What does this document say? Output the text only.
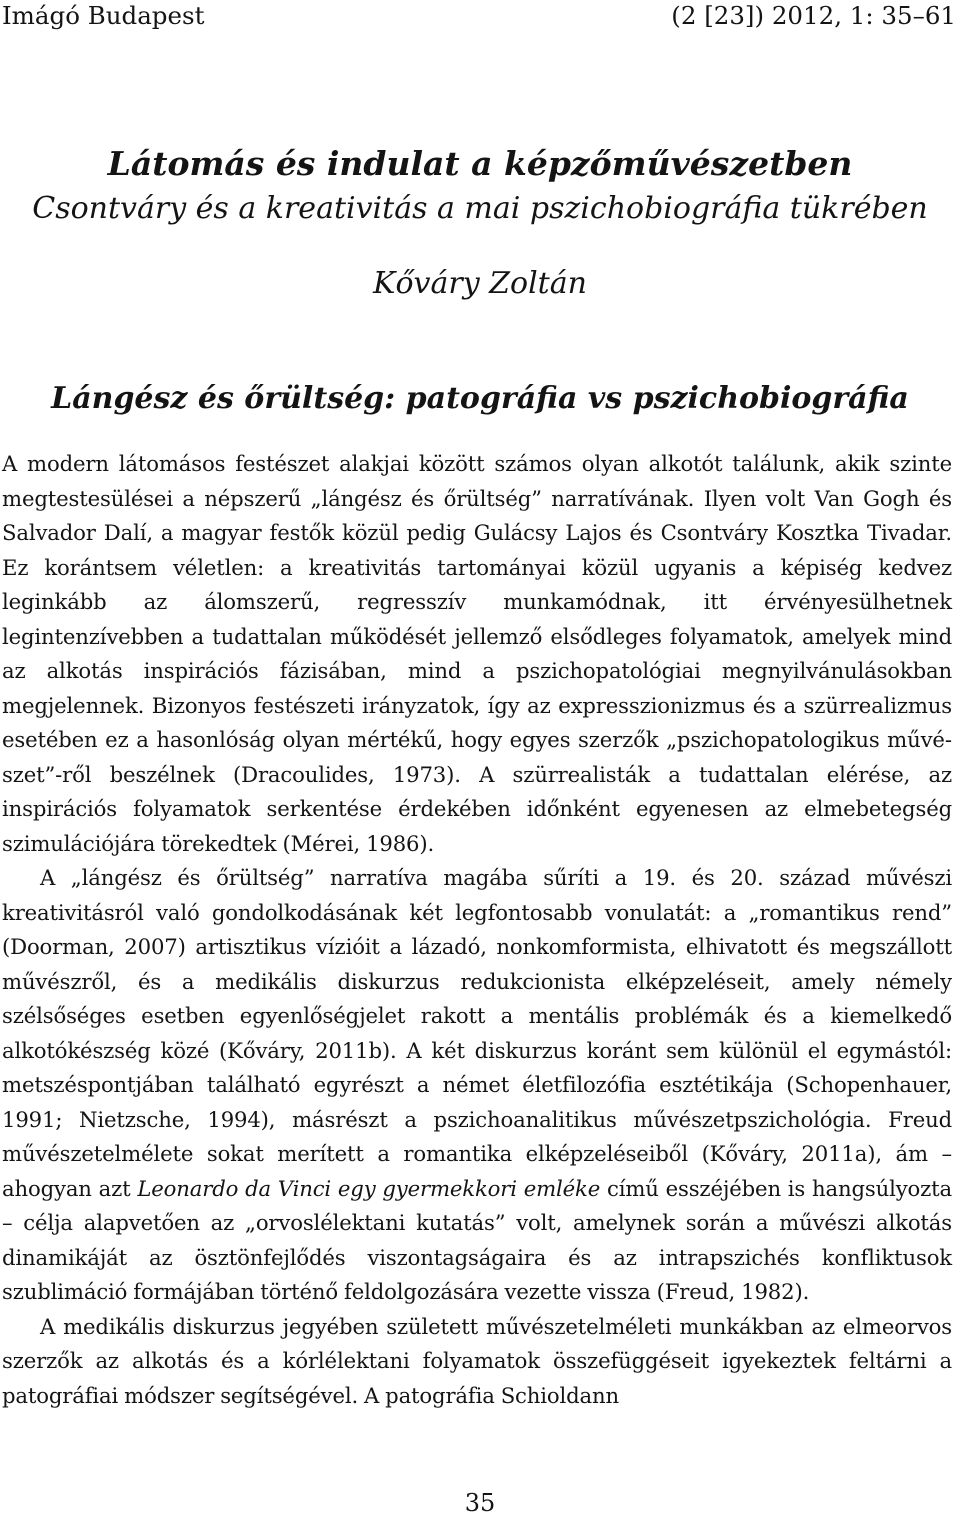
Imágó Budapest	(2 [23]) 2012, 1: 35–61
Látomás és indulat a képzőművészetben
Csontváry és a kreativitás a mai pszichobiográfia tükrében
Kőváry Zoltán
Lángész és őrültség: patográfia vs pszichobiográfia

A modern látomásos festészet alakjai között számos olyan alkotót találunk, akik szinte megtestesülései a népszerű „lángész és őrültség” narratívának. Ilyen volt Van Gogh és Salvador Dalí, a magyar festők közül pedig Gulácsy Lajos és Csontváry Kosztka Tivadar. Ez korántsem véletlen: a kreativitás tartományai közül ugyanis a képiség kedvez leginkább az álomszerű, regresszív munkamódnak, itt érvényesülhetnek legintenzívebben a tudattalan működését jellemző elsődleges folyamatok, amelyek mind az alkotás inspirációs fázisában, mind a pszichopatológiai megnyilvánulásokban megjelennek. Bizonyos festészeti irányzatok, így az expresszionizmus és a szürrealizmus esetében ez a hasonlóság olyan mértékű, hogy egyes szerzők „pszichopatologikus művészet”-ről beszélnek (Dracoulides, 1973). A szürrealisták a tudattalan elérése, az inspirációs folyamatok serkentése érdekében időnként egyenesen az elmebetegség szimulációjára törekedtek (Mérei, 1986).

A „lángész és őrültség” narratíva magába sűríti a 19. és 20. század művészi kreativitásról való gondolkodásának két legfontosabb vonulatát: a „romantikus rend” (Doorman, 2007) artisztikus vízióit a lázadó, nonkomformista, elhivatott és megszállott művészről, és a medikális diskurzus redukcionista elképzeléseit, amely némely szélsőséges esetben egyenlőségjelet rakott a mentális problémák és a kiemelkedő alkotókészség közé (Kőváry, 2011b). A két diskurzus koránt sem különül el egymástól: metszéspontjában található egyrészt a német életfilozófia esztétikája (Schopenhauer, 1991; Nietzsche, 1994), másrészt a pszichoanalitikus művészetpszichológia. Freud művészetelmélete sokat merített a romantika elképzeléseiből (Kőváry, 2011a), ám – ahogyan azt Leonardo da Vinci egy gyermekkori emléke című esszéjében is hangsúlyozta – célja alapvetően az „orvoslélektani kutatás” volt, amelynek során a művészi alkotás dinamikáját az ösztönfejlődés viszontagságaira és az intrapszichés konfliktusok szublimáció formájában történő feldolgozására vezette vissza (Freud, 1982).

A medikális diskurzus jegyében született művészetelméleti munkákban az elmeorvos szerzők az alkotás és a kórlélektani folyamatok összefüggéseit igyekeztek feltárni a patográfiai módszer segítségével. A patográfia Schioldann

35
